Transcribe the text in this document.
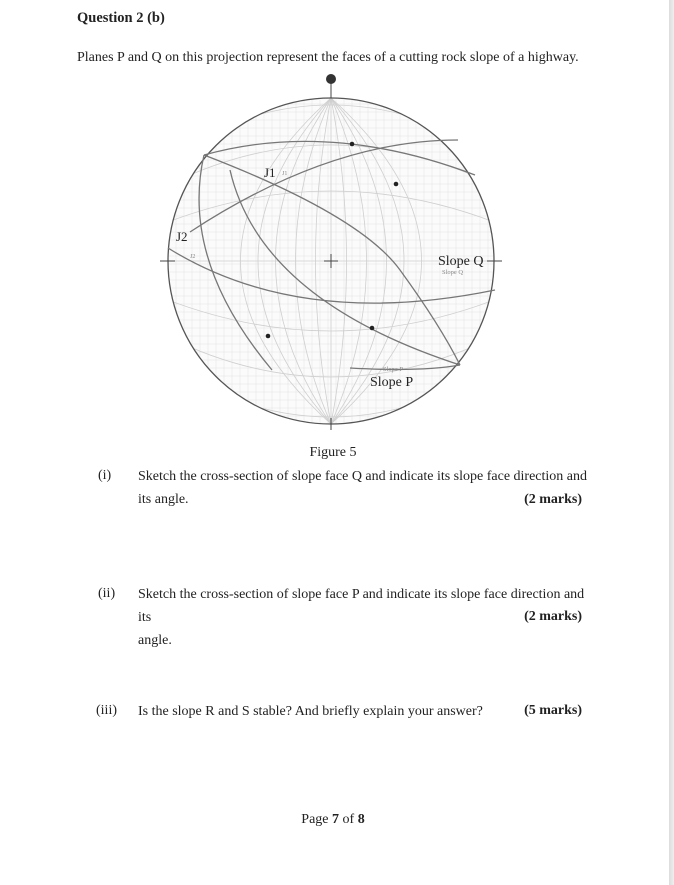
Question 2 (b)
Planes P and Q on this projection represent the faces of a cutting rock slope of a highway.
J1 J1
J2
J2	Slope Q
Slope Q
Slope P
Slope P
Figure 5
(i) Sketch the cross-section of slope face Q and indicate its slope face direction and
its angle.	(2 marks)
(ii) Sketch the cross-section of slope face P and indicate its slope face direction and its
angle.
(2 marks)
(iii) Is the slope R and S stable? And briefly explain your answer?	(5 marks)
Page 7 of 8
